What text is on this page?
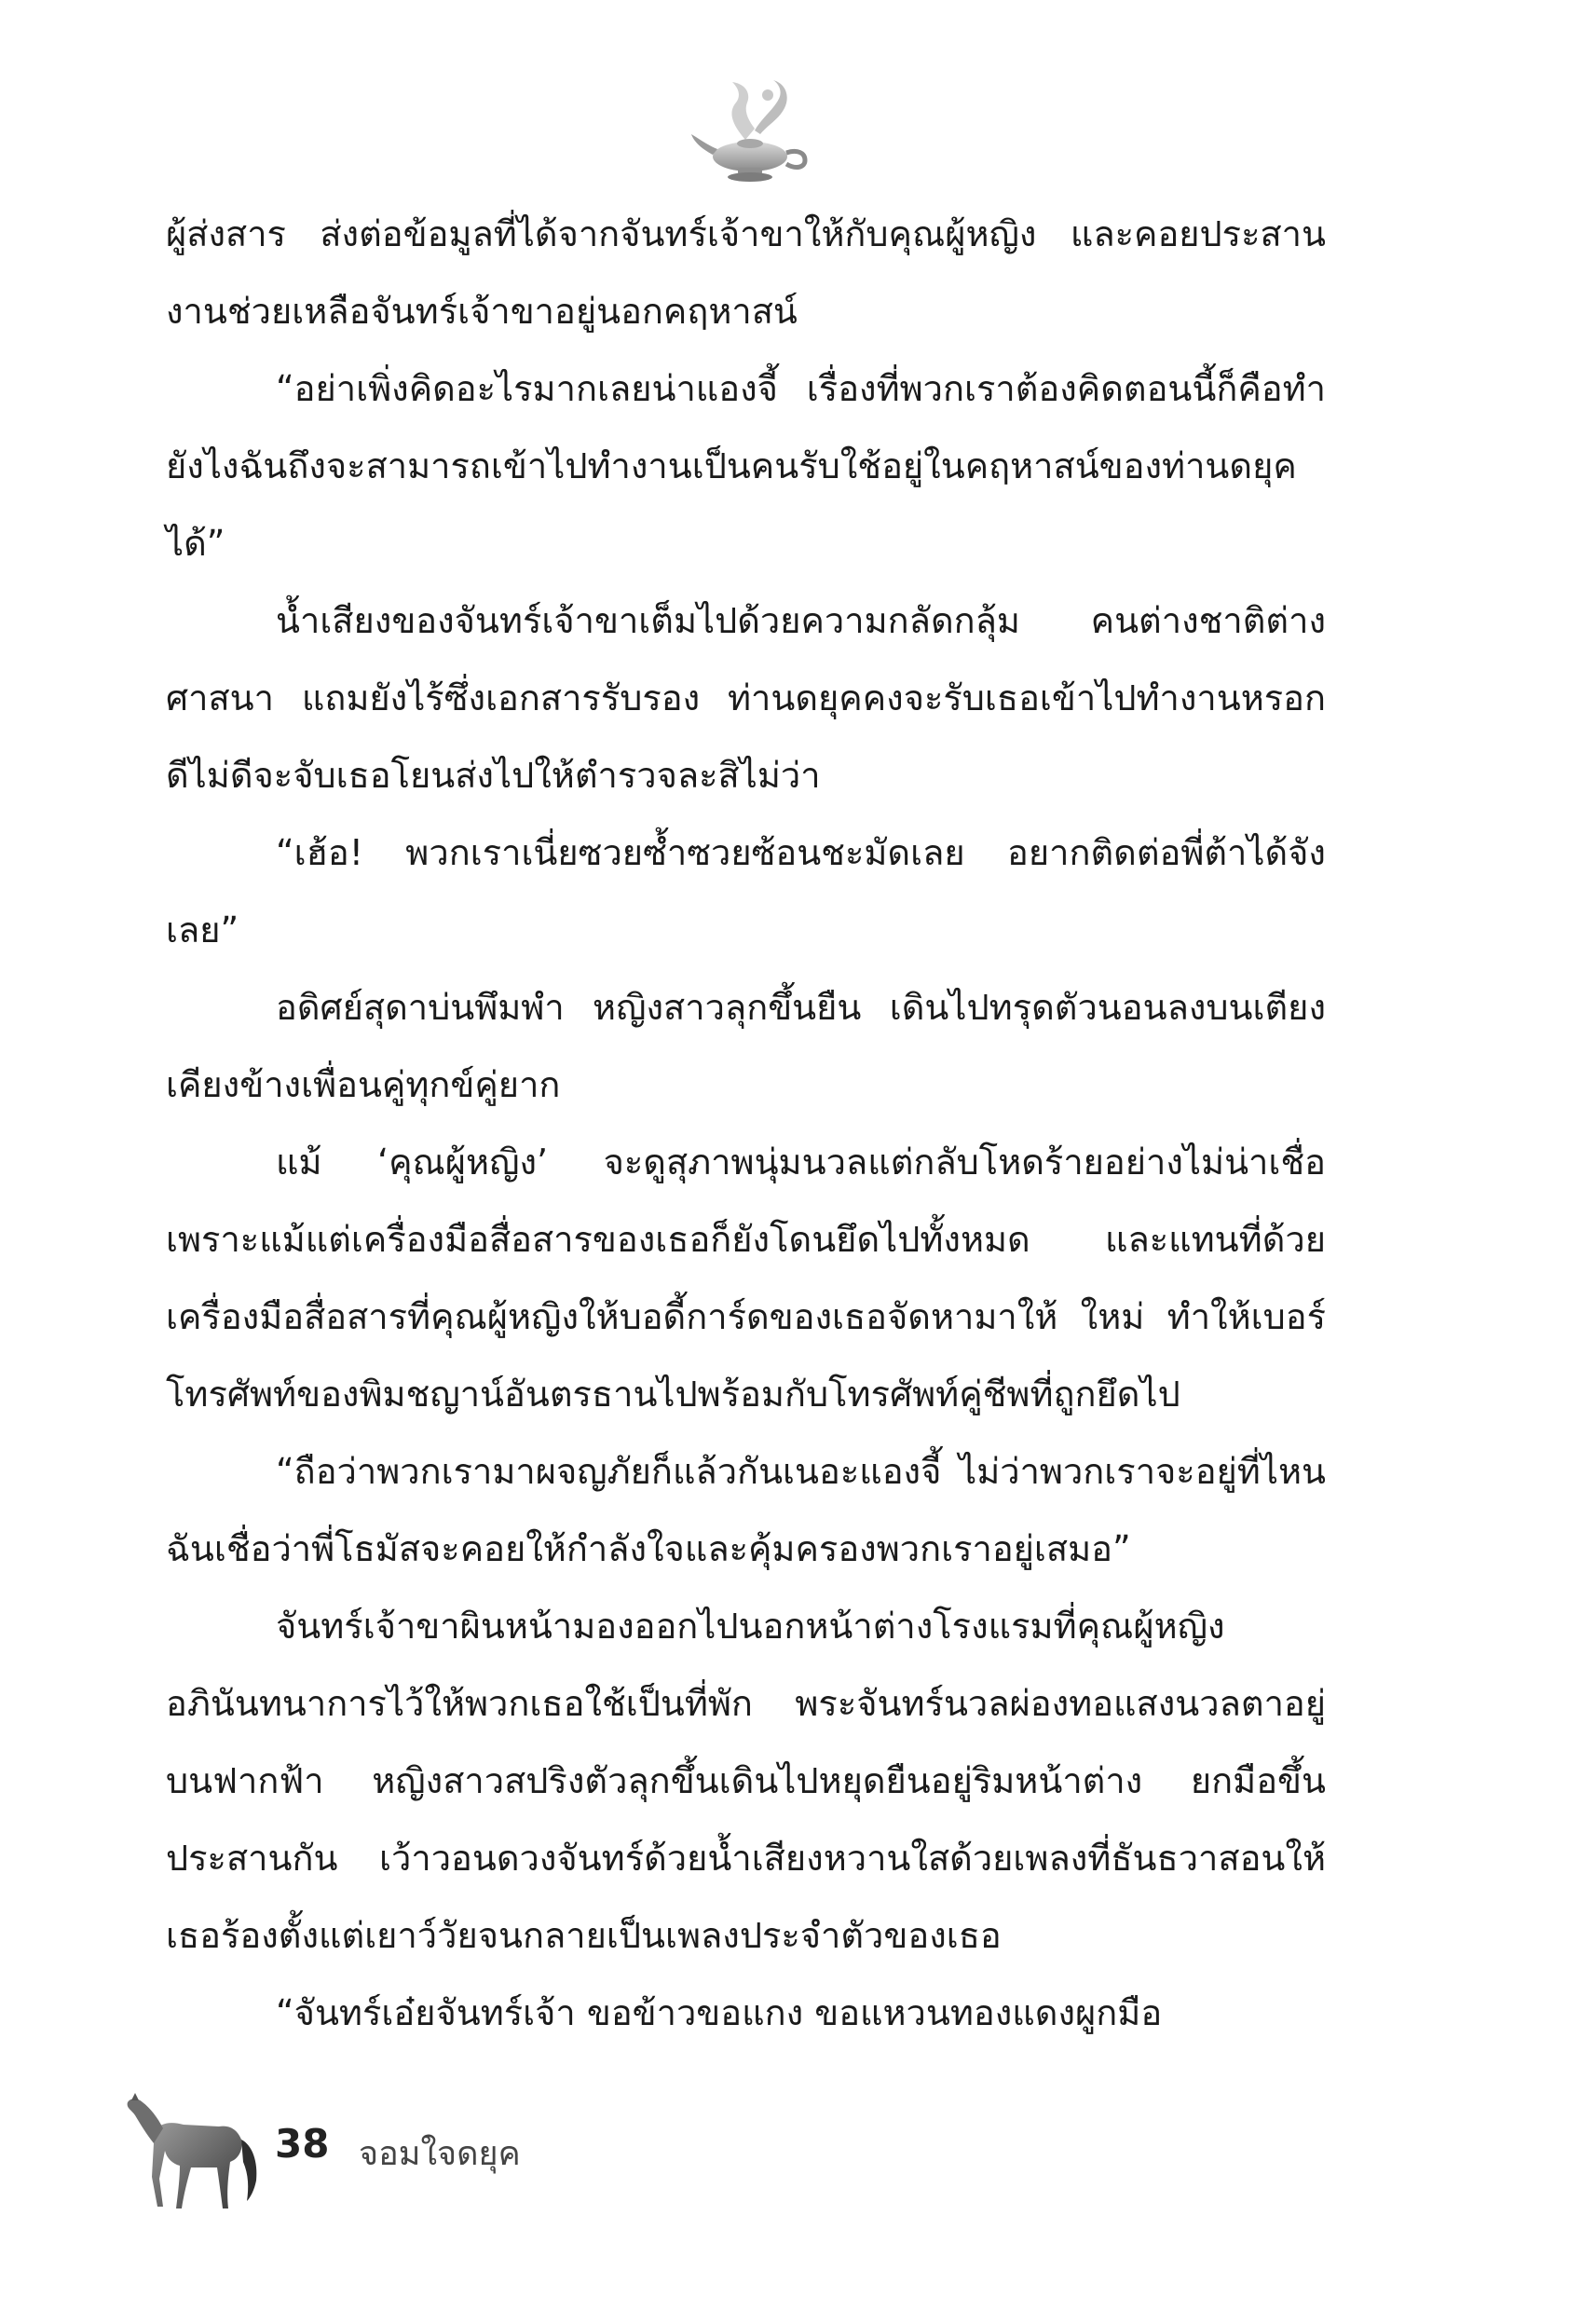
ผู้ส่งสาร ส่งต่อข้อมูลที่ได้จากจันทร์เจ้าขาให้กับคุณผู้หญิง และคอยประสานงานช่วยเหลือจันทร์เจ้าขาอยู่นอกคฤหาสน์

“อย่าเพิ่งคิดอะไรมากเลยน่าแองจี้ เรื่องที่พวกเราต้องคิดตอนนี้ก็คือทำยังไงฉันถึงจะสามารถเข้าไปทำงานเป็นคนรับใช้อยู่ในคฤหาสน์ของท่านดยุคได้”

น้ำเสียงของจันทร์เจ้าขาเต็มไปด้วยความกลัดกลุ้ม คนต่างชาติต่างศาสนา แถมยังไร้ซึ่งเอกสารรับรอง ท่านดยุคคงจะรับเธอเข้าไปทำงานหรอก ดีไม่ดีจะจับเธอโยนส่งไปให้ตำรวจละสิไม่ว่า

“เฮ้อ! พวกเราเนี่ยซวยซ้ำซวยซ้อนชะมัดเลย อยากติดต่อพี่ต้าได้จังเลย”

อดิศย์สุดาบ่นพึมพำ หญิงสาวลุกขึ้นยืน เดินไปทรุดตัวนอนลงบนเตียงเคียงข้างเพื่อนคู่ทุกข์คู่ยาก

แม้ ‘คุณผู้หญิง’ จะดูสุภาพนุ่มนวลแต่กลับโหดร้ายอย่างไม่น่าเชื่อ เพราะแม้แต่เครื่องมือสื่อสารของเธอก็ยังโดนยึดไปทั้งหมด และแทนที่ด้วยเครื่องมือสื่อสารที่คุณผู้หญิงให้บอดี้การ์ดของเธอจัดหามาให้ ใหม่ ทำให้เบอร์โทรศัพท์ของพิมชญาน์อันตรธานไปพร้อมกับโทรศัพท์คู่ชีพที่ถูกยึดไป

“ถือว่าพวกเรามาผจญภัยก็แล้วกันเนอะแองจี้ ไม่ว่าพวกเราจะอยู่ที่ไหน ฉันเชื่อว่าพี่โธมัสจะคอยให้กำลังใจและคุ้มครองพวกเราอยู่เสมอ”

จันทร์เจ้าขาผินหน้ามองออกไปนอกหน้าต่างโรงแรมที่คุณผู้หญิงอภินันทนาการไว้ให้พวกเธอใช้เป็นที่พัก พระจันทร์นวลผ่องทอแสงนวลตาอยู่บนฟากฟ้า หญิงสาวสปริงตัวลุกขึ้นเดินไปหยุดยืนอยู่ริมหน้าต่าง ยกมือขึ้นประสานกัน เว้าวอนดวงจันทร์ด้วยน้ำเสียงหวานใสด้วยเพลงที่ธันธวาสอนให้เธอร้องตั้งแต่เยาว์วัยจนกลายเป็นเพลงประจำตัวของเธอ

“จันทร์เอ๋ยจันทร์เจ้า ขอข้าวขอแกง ขอแหวนทองแดงผูกมือ

38 จอมใจดยุค
